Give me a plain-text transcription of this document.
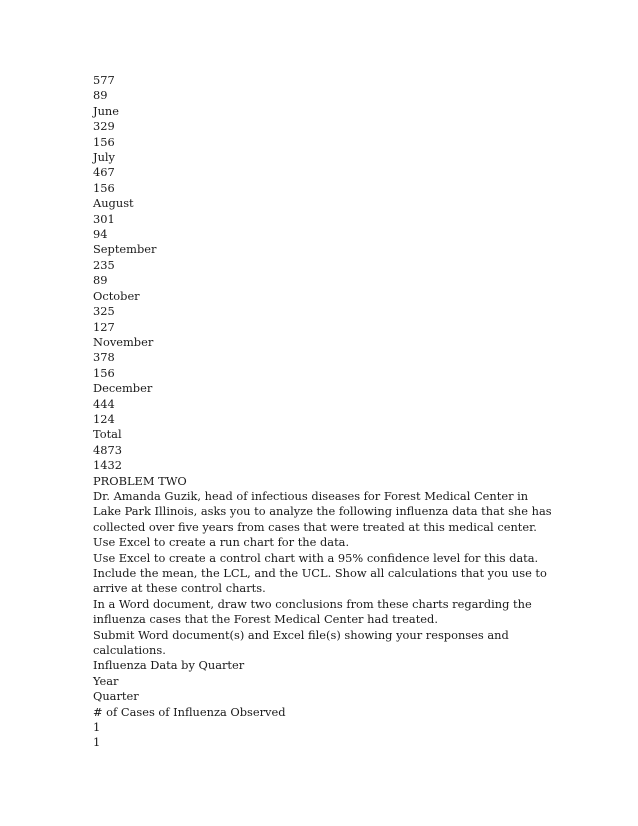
577
89
June
329
156
July
467
156
August
301
94
September
235
89
October
325
127
November
378
156
December
444
124
Total
4873
1432
PROBLEM TWO
Dr. Amanda Guzik, head of infectious diseases for Forest Medical Center in Lake Park Illinois, asks you to analyze the following influenza data that she has collected over five years from cases that were treated at this medical center.
Use Excel to create a run chart for the data.
Use Excel to create a control chart with a 95% confidence level for this data. Include the mean, the LCL, and the UCL. Show all calculations that you use to arrive at these control charts.
In a Word document, draw two conclusions from these charts regarding the influenza cases that the Forest Medical Center had treated.
Submit Word document(s) and Excel file(s) showing your responses and calculations.
Influenza Data by Quarter
Year
Quarter
# of Cases of Influenza Observed
1
1
